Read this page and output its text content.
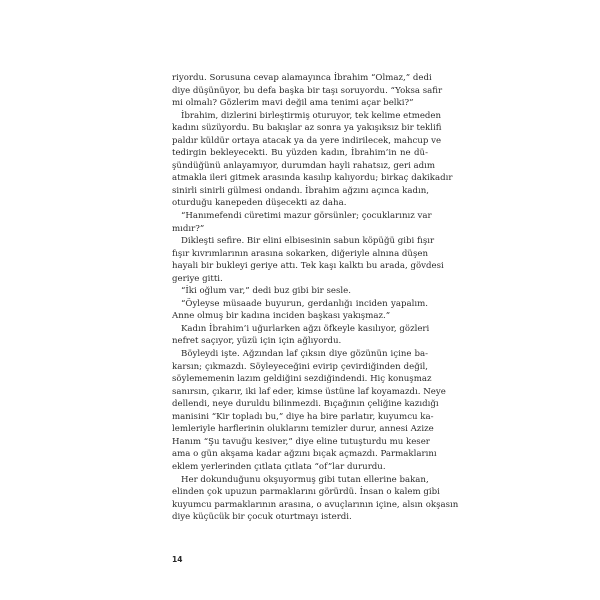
riyordu. Sorusuna cevap alamayınca İbrahim “Olmaz,” dedi
diye düşünüyor, bu defa başka bir taşı soruyordu. “Yoksa safir
mi olmalı? Gözlerim mavi değil ama tenimi açar belki?”

İbrahim, dizlerini birleştirmiş oturuyor, tek kelime etmeden
kadını süzüyordu. Bu bakışlar az sonra ya yakışıksız bir teklifi
paldır küldür ortaya atacak ya da yere indirilecek, mahcup ve
tedirgin bekleyecekti. Bu yüzden kadın, İbrahim’in ne dü-
şündüğünü anlayamıyor, durumdan hayli rahatsız, geri adım
atmakla ileri gitmek arasında kasılıp kalıyordu; birkaç dakikadır
sinirli sinirli gülmesi ondandı. İbrahim ağzını açınca kadın,
oturduğu kanepeden düşecekti az daha.

“Hanımefendi cüretimi mazur görsünler; çocuklarınız var
mıdır?”

Dikleşti sefire. Bir elini elbisesinin sabun köpüğü gibi fışır
fışır kıvrımlarının arasına sokarken, diğeriyle alnına düşen
hayali bir bukleyi geriye attı. Tek kaşı kalktı bu arada, gövdesi
geriye gitti.

“İki oğlum var,” dedi buz gibi bir sesle.

“Öyleyse müsaade buyurun, gerdanlığı inciden yapalım.
Anne olmuş bir kadına inciden başkası yakışmaz.”

Kadın İbrahim’i uğurlarken ağzı öfkeyle kasılıyor, gözleri
nefret saçıyor, yüzü için için ağlıyordu.

Böyleydi işte. Ağzından laf çıksın diye gözünün içine ba-
karsın; çıkmazdı. Söyleyeceğini evirip çevirdiğinden değil,
söylememenin lazım geldiğini sezdiğindendi. Hiç konuşmaz
sanırsın, çıkarır, iki laf eder, kimse üstüne laf koyamazdı. Neye
dellendi, neye duruldu bilinmezdi. Bıçağının çeliğine kazıdığı
manisini “Kir topladı bu,” diye ha bire parlatır, kuyumcu ka-
lemleriyle harflerinin oluklarını temizler durur, annesi Azize
Hanım “Şu tavuğu kesiver,” diye eline tutuşturdu mu keser
ama o gün akşama kadar ağzını bıçak açmazdı. Parmaklarını
eklem yerlerinden çıtlata çıtlata “of”lar dururdu.

Her dokunduğunu okşuyormuş gibi tutan ellerine bakan,
elinden çok upuzun parmaklarını görürdü. İnsan o kalem gibi
kuyumcu parmaklarının arasına, o avuçlarının içine, alsın okşasın
diye küçücük bir çocuk oturtmayı isterdi.

14
